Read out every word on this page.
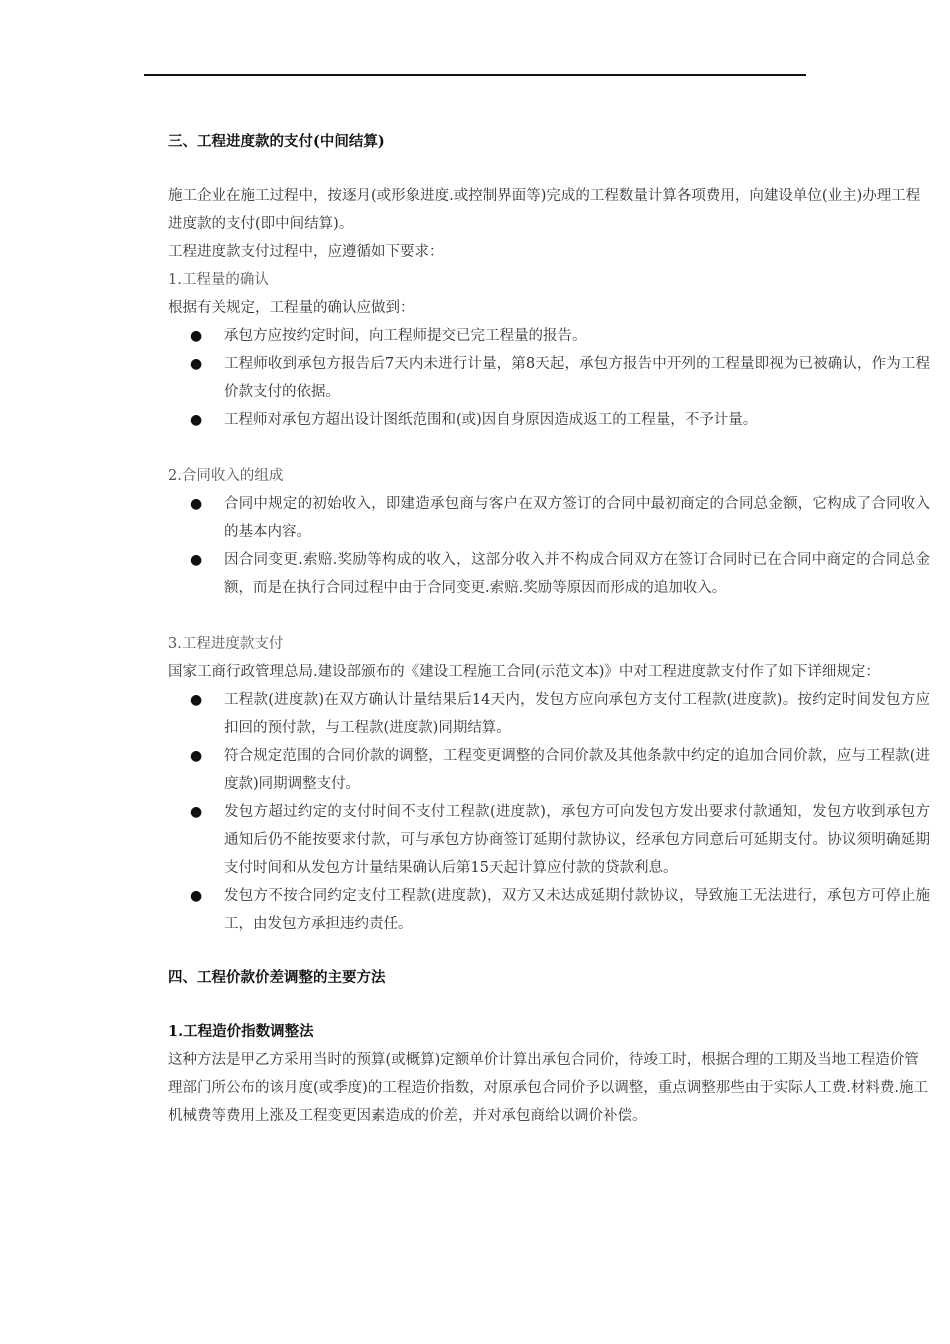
三、工程进度款的支付(中间结算)

施工企业在施工过程中，按逐月(或形象进度.或控制界面等)完成的工程数量计算各项费用，向建设单位(业主)办理工程进度款的支付(即中间结算)。

工程进度款支付过程中，应遵循如下要求：

1.工程量的确认

根据有关规定，工程量的确认应做到：

● 承包方应按约定时间，向工程师提交已完工程量的报告。
● 工程师收到承包方报告后7天内未进行计量，第8天起，承包方报告中开列的工程量即视为已被确认，作为工程价款支付的依据。
● 工程师对承包方超出设计图纸范围和(或)因自身原因造成返工的工程量，不予计量。

2.合同收入的组成

● 合同中规定的初始收入，即建造承包商与客户在双方签订的合同中最初商定的合同总金额，它构成了合同收入的基本内容。
● 因合同变更.索赔.奖励等构成的收入，这部分收入并不构成合同双方在签订合同时已在合同中商定的合同总金额，而是在执行合同过程中由于合同变更.索赔.奖励等原因而形成的追加收入。

3.工程进度款支付

国家工商行政管理总局.建设部颁布的《建设工程施工合同(示范文本)》中对工程进度款支付作了如下详细规定：

● 工程款(进度款)在双方确认计量结果后14天内，发包方应向承包方支付工程款(进度款)。按约定时间发包方应扣回的预付款，与工程款(进度款)同期结算。
● 符合规定范围的合同价款的调整，工程变更调整的合同价款及其他条款中约定的追加合同价款，应与工程款(进度款)同期调整支付。
● 发包方超过约定的支付时间不支付工程款(进度款)，承包方可向发包方发出要求付款通知，发包方收到承包方通知后仍不能按要求付款，可与承包方协商签订延期付款协议，经承包方同意后可延期支付。协议须明确延期支付时间和从发包方计量结果确认后第15天起计算应付款的贷款利息。
● 发包方不按合同约定支付工程款(进度款)，双方又未达成延期付款协议，导致施工无法进行，承包方可停止施工，由发包方承担违约责任。

四、工程价款价差调整的主要方法

1.工程造价指数调整法

这种方法是甲乙方采用当时的预算(或概算)定额单价计算出承包合同价，待竣工时，根据合理的工期及当地工程造价管理部门所公布的该月度(或季度)的工程造价指数，对原承包合同价予以调整，重点调整那些由于实际人工费.材料费.施工机械费等费用上涨及工程变更因素造成的价差，并对承包商给以调价补偿。
